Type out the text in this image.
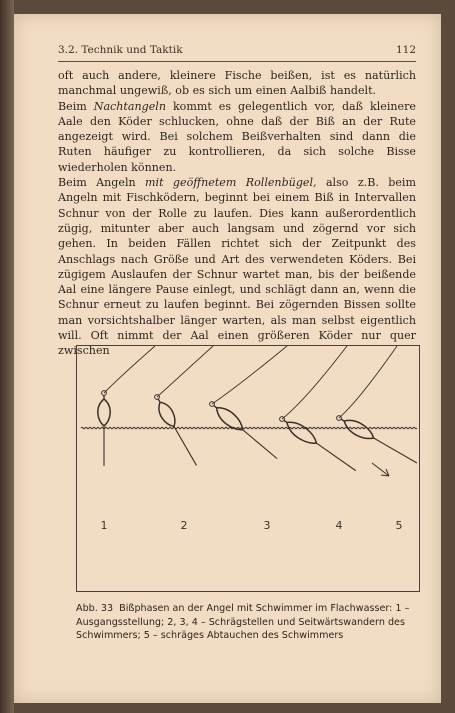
3.2. Technik und Taktik	112

oft auch andere, kleinere Fische beißen, ist es natürlich manchmal ungewiß, ob es sich um einen Aalbiß handelt.

Beim Nachtangeln kommt es gelegentlich vor, daß kleinere Aale den Köder schlucken, ohne daß der Biß an der Rute angezeigt wird. Bei solchem Beißverhalten sind dann die Ruten häufiger zu kontrollieren, da sich solche Bisse wiederholen können.

Beim Angeln mit geöffnetem Rollenbügel, also z.B. beim Angeln mit Fischködern, beginnt bei einem Biß in Intervallen Schnur von der Rolle zu laufen. Dies kann außerordentlich zügig, mitunter aber auch langsam und zögernd vor sich gehen. In beiden Fällen richtet sich der Zeitpunkt des Anschlags nach Größe und Art des verwendeten Köders. Bei zügigem Auslaufen der Schnur wartet man, bis der beißende Aal eine längere Pause einlegt, und schlägt dann an, wenn die Schnur erneut zu laufen beginnt. Bei zögernden Bissen sollte man vorsichtshalber länger warten, als man selbst eigentlich will. Oft nimmt der Aal einen größeren Köder nur quer zwischen

1	2	3	4	5
Abb. 33 Bißphasen an der Angel mit Schwimmer im Flachwasser: 1 – Ausgangsstellung; 2, 3, 4 – Schrägstellen und Seitwärtswandern des Schwimmers; 5 – schräges Abtauchen des Schwimmers
